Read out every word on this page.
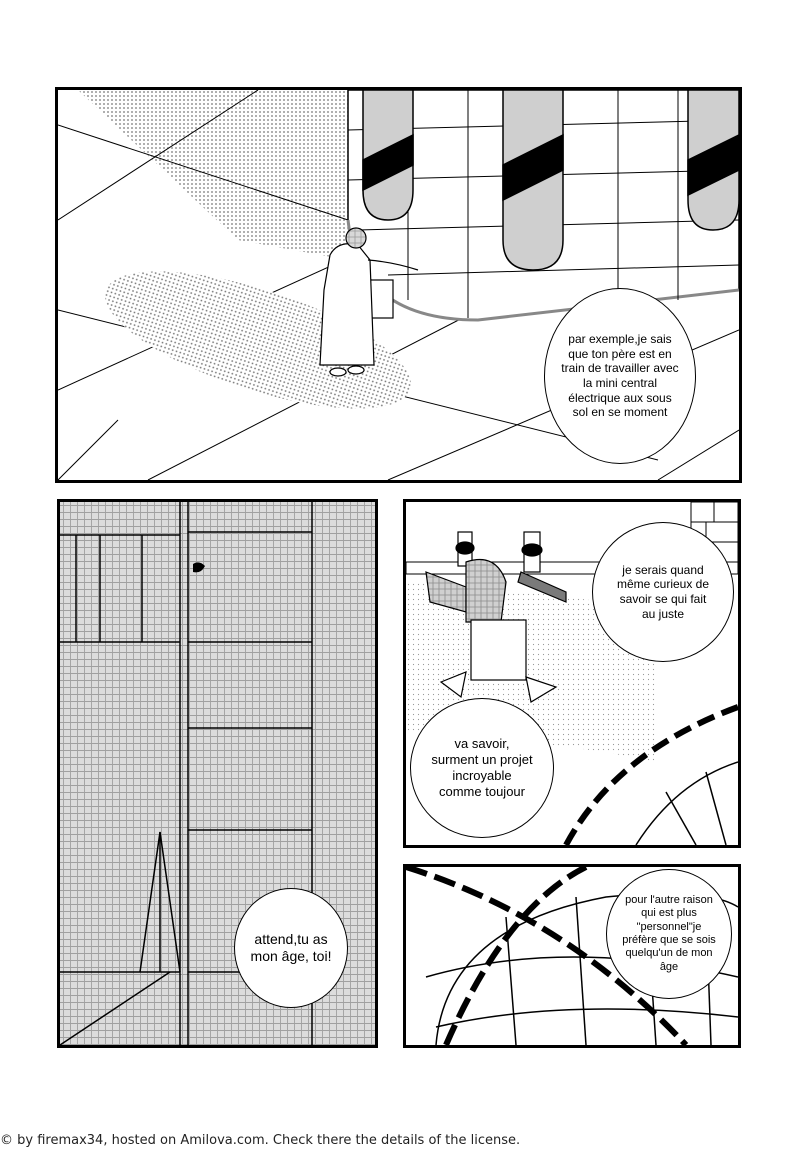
par exemple,je sais que ton père est en train de travailler avec la mini central électrique aux sous sol en se moment
attend,tu as mon âge, toi!
je serais quand même curieux de savoir se qui fait au juste
va savoir, surment un projet incroyable comme toujour
pour l'autre raison qui est plus "personnel"je préfère que se sois quelqu'un de mon âge
© by firemax34, hosted on Amilova.com. Check there the details of the license.
